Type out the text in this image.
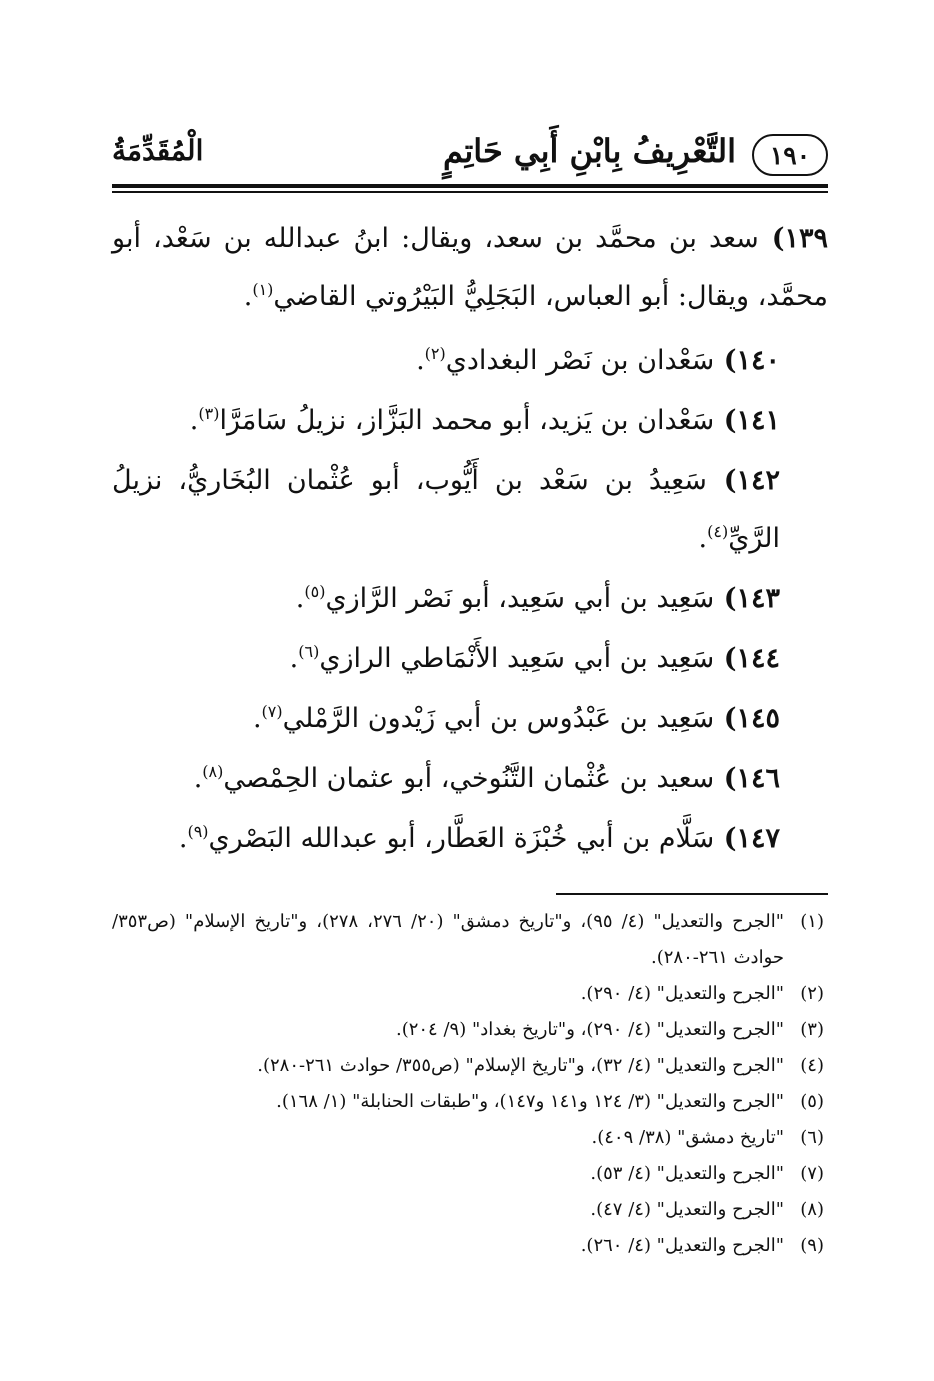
١٩٠
التَّعْرِيفُ بِابْنِ أَبِي حَاتِمٍ
الْمُقَدِّمَةُ

١٣٩) سعد بن محمَّد بن سعد، ويقال: ابنُ عبدالله بن سَعْد، أبو محمَّد، ويقال: أبو العباس، البَجَلِيُّ البَيْرُوتي القاضي$^{(١)}$.

١٤٠) سَعْدان بن نَصْر البغدادي$^{(٢)}$.

١٤١) سَعْدان بن يَزيد، أبو محمد البَزَّاز، نزيلُ سَامَرَّا$^{(٣)}$.

١٤٢) سَعِيدُ بن سَعْد بن أَيُّوب، أبو عُثْمان البُخَاريُّ، نزيلُ الرَّيِّ$^{(٤)}$.

١٤٣) سَعِيد بن أبي سَعِيد، أبو نَصْر الرَّازي$^{(٥)}$.

١٤٤) سَعِيد بن أبي سَعِيد الأَنْمَاطي الرازي$^{(٦)}$.

١٤٥) سَعِيد بن عَبْدُوس بن أبي زَيْدون الرَّمْلي$^{(٧)}$.

١٤٦) سعيد بن عُثْمان التَّنُوخي، أبو عثمان الحِمْصي$^{(٨)}$.

١٤٧) سَلَّام بن أبي خُبْزَة العَطَّار، أبو عبدالله البَصْري$^{(٩)}$.

(١)
"الجرح والتعديل" (٤/ ٩٥)، و"تاريخ دمشق" (٢٠/ ٢٧٦، ٢٧٨)، و"تاريخ الإسلام" (ص٣٥٣/ حوادث ٢٦١-٢٨٠).
(٢)
"الجرح والتعديل" (٤/ ٢٩٠).
(٣)
"الجرح والتعديل" (٤/ ٢٩٠)، و"تاريخ بغداد" (٩/ ٢٠٤).
(٤)
"الجرح والتعديل" (٤/ ٣٢)، و"تاريخ الإسلام" (ص٣٥٥/ حوادث ٢٦١-٢٨٠).
(٥)
"الجرح والتعديل" (٣/ ١٢٤ و١٤١ و١٤٧)، و"طبقات الحنابلة" (١/ ١٦٨).
(٦)
"تاريخ دمشق" (٣٨/ ٤٠٩).
(٧)
"الجرح والتعديل" (٤/ ٥٣).
(٨)
"الجرح والتعديل" (٤/ ٤٧).
(٩)
"الجرح والتعديل" (٤/ ٢٦٠).
